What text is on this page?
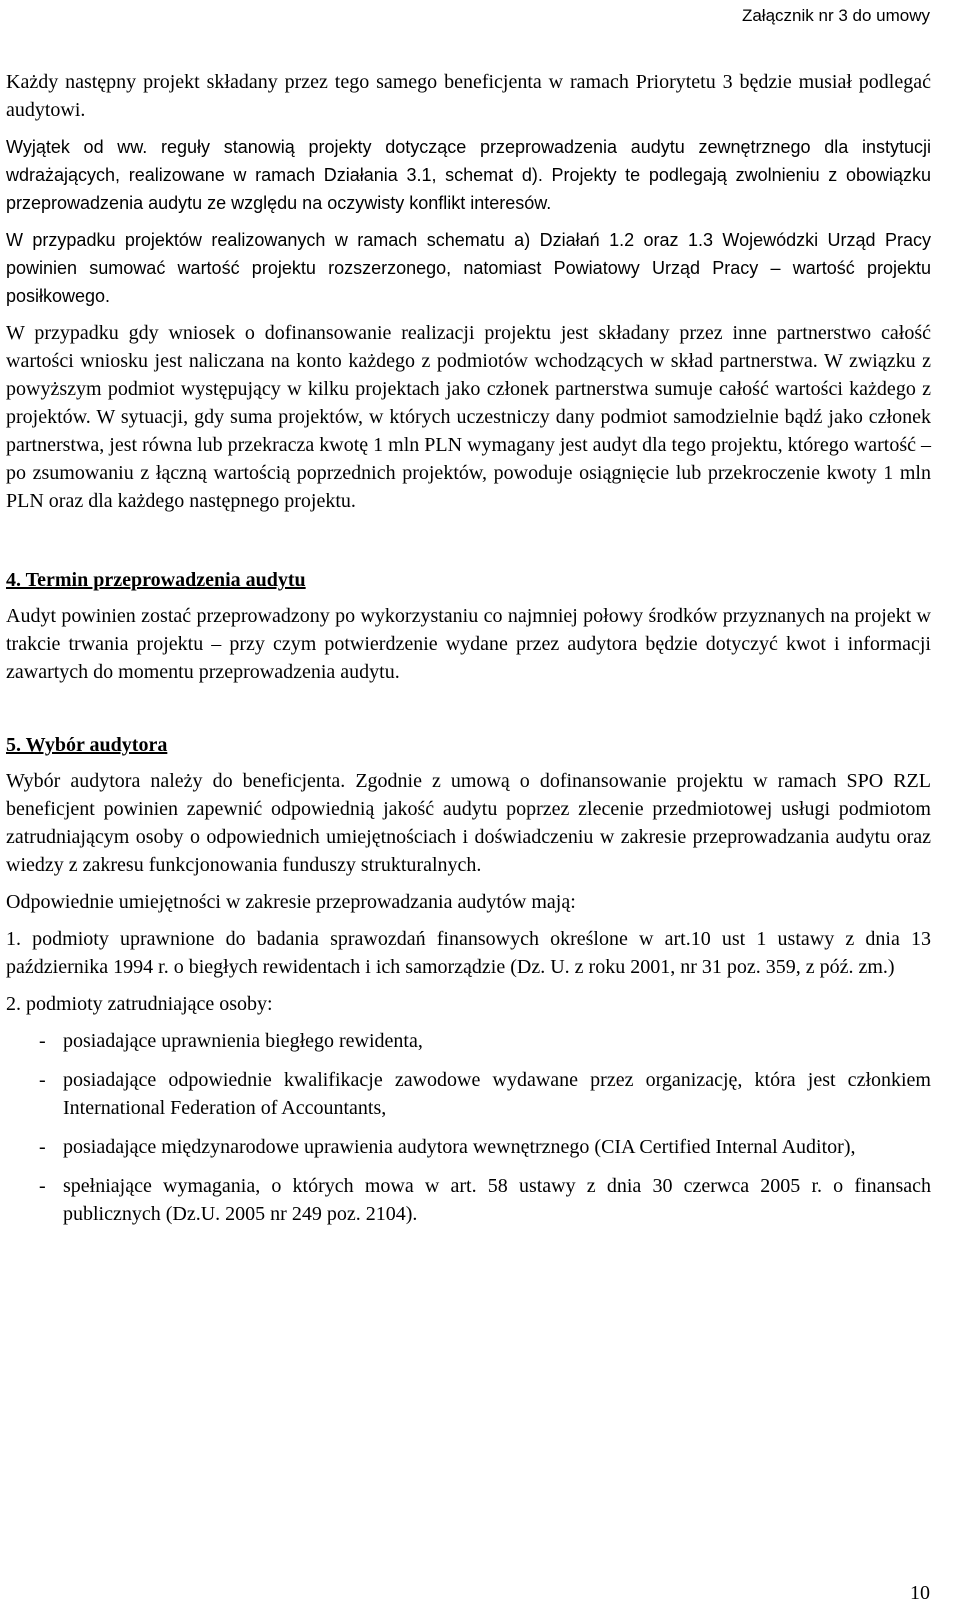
Załącznik nr 3 do umowy

Każdy następny projekt składany przez tego samego beneficjenta w ramach Priorytetu 3 będzie musiał podlegać audytowi.

Wyjątek od ww. reguły stanowią projekty dotyczące przeprowadzenia audytu zewnętrznego dla instytucji wdrażających, realizowane w ramach Działania 3.1, schemat d). Projekty te podlegają zwolnieniu z obowiązku przeprowadzenia audytu ze względu na oczywisty konflikt interesów.

W przypadku projektów realizowanych w ramach schematu a) Działań 1.2 oraz 1.3 Wojewódzki Urząd Pracy powinien sumować wartość projektu rozszerzonego, natomiast Powiatowy Urząd Pracy – wartość projektu posiłkowego.

W przypadku gdy wniosek o dofinansowanie realizacji projektu jest składany przez inne partnerstwo całość wartości wniosku jest naliczana na konto każdego z podmiotów wchodzących w skład partnerstwa. W związku z powyższym podmiot występujący w kilku projektach jako członek partnerstwa sumuje całość wartości każdego z projektów. W sytuacji, gdy suma projektów, w których uczestniczy dany podmiot samodzielnie bądź jako członek partnerstwa, jest równa lub przekracza kwotę 1 mln PLN wymagany jest audyt dla tego projektu, którego wartość – po zsumowaniu z łączną wartością poprzednich projektów, powoduje osiągnięcie lub przekroczenie kwoty 1 mln PLN oraz dla każdego następnego projektu.

4. Termin przeprowadzenia audytu

Audyt powinien zostać przeprowadzony po wykorzystaniu co najmniej połowy środków przyznanych na projekt w trakcie trwania projektu – przy czym potwierdzenie wydane przez audytora będzie dotyczyć kwot i informacji zawartych do momentu przeprowadzenia audytu.

5. Wybór audytora

Wybór audytora należy do beneficjenta. Zgodnie z umową o dofinansowanie projektu w ramach SPO RZL beneficjent powinien zapewnić odpowiednią jakość audytu poprzez zlecenie przedmiotowej usługi podmiotom zatrudniającym osoby o odpowiednich umiejętnościach i doświadczeniu w zakresie przeprowadzania audytu oraz wiedzy z zakresu funkcjonowania funduszy strukturalnych.

Odpowiednie umiejętności w zakresie przeprowadzania audytów mają:

1. podmioty uprawnione do badania sprawozdań finansowych określone w art.10 ust 1 ustawy z dnia 13 października 1994 r. o biegłych rewidentach i ich samorządzie (Dz. U. z roku 2001, nr 31 poz. 359, z póź. zm.)

2. podmioty zatrudniające osoby:

-posiadające uprawnienia biegłego rewidenta,
-posiadające odpowiednie kwalifikacje zawodowe wydawane przez organizację, która jest członkiem International Federation of Accountants,
-posiadające międzynarodowe uprawienia audytora wewnętrznego (CIA Certified Internal Auditor),
-spełniające wymagania, o których mowa w art. 58 ustawy z dnia 30 czerwca 2005 r. o finansach publicznych (Dz.U. 2005 nr 249 poz. 2104).
10
